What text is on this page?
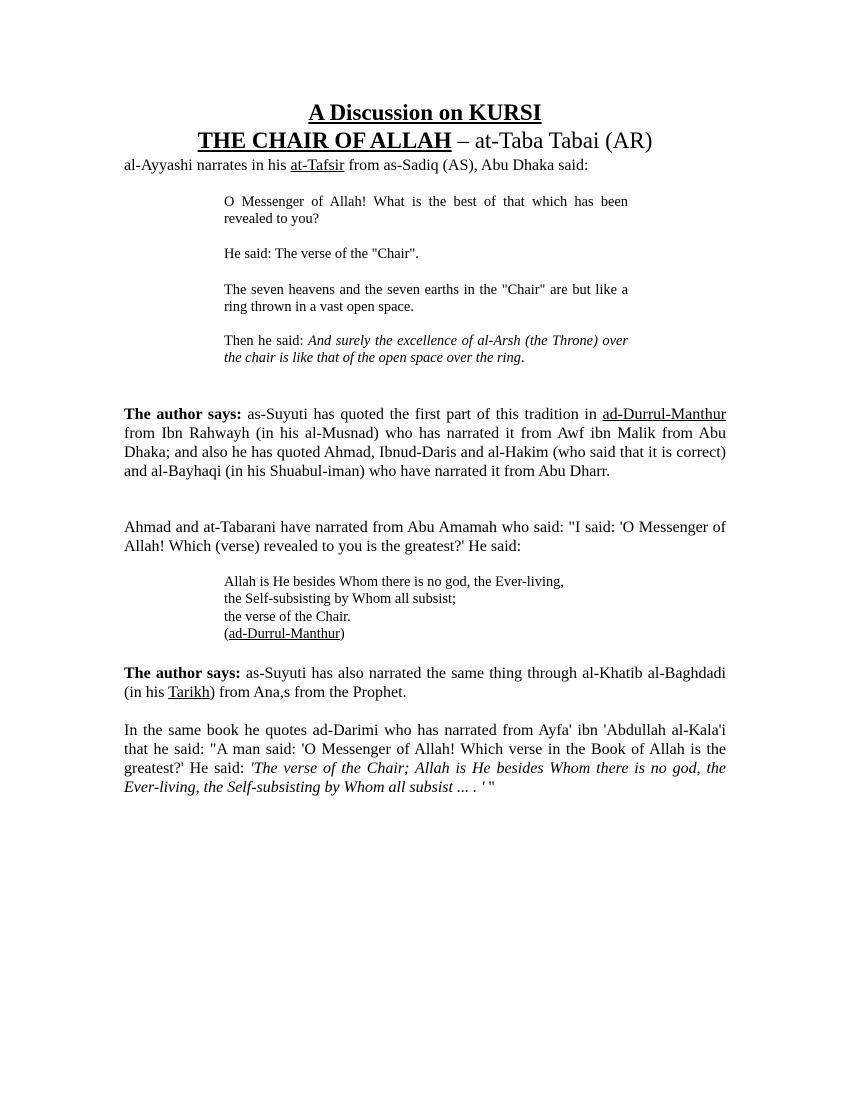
A Discussion on KURSI
THE CHAIR OF ALLAH – at-Taba Tabai (AR)
al-Ayyashi narrates in his at-Tafsir from as-Sadiq (AS), Abu Dhaka said:

O Messenger of Allah! What is the best of that which has been revealed to you?

He said: The verse of the "Chair".

The seven heavens and the seven earths in the "Chair" are but like a ring thrown in a vast open space.

Then he said: And surely the excellence of al-Arsh (the Throne) over the chair is like that of the open space over the ring.

The author says: as-Suyuti has quoted the first part of this tradition in ad-Durrul-Manthur from Ibn Rahwayh (in his al-Musnad) who has narrated it from Awf ibn Malik from Abu Dhaka; and also he has quoted Ahmad, Ibnud-Daris and al-Hakim (who said that it is correct) and al-Bayhaqi (in his Shuabul-iman) who have narrated it from Abu Dharr.

Ahmad and at-Tabarani have narrated from Abu Amamah who said: "I said: 'O Messenger of Allah! Which (verse) revealed to you is the greatest?' He said:

Allah is He besides Whom there is no god, the Ever-living,

the Self-subsisting by Whom all subsist;

the verse of the Chair.

(ad-Durrul-Manthur)

The author says: as-Suyuti has also narrated the same thing through al-Khatib al-Baghdadi (in his Tarikh) from Ana,s from the Prophet.

In the same book he quotes ad-Darimi who has narrated from Ayfa' ibn 'Abdullah al-Kala'i that he said: "A man said: 'O Messenger of Allah! Which verse in the Book of Allah is the greatest?' He said: 'The verse of the Chair; Allah is He besides Whom there is no god, the Ever-living, the Self-subsisting by Whom all subsist ... . ' "
